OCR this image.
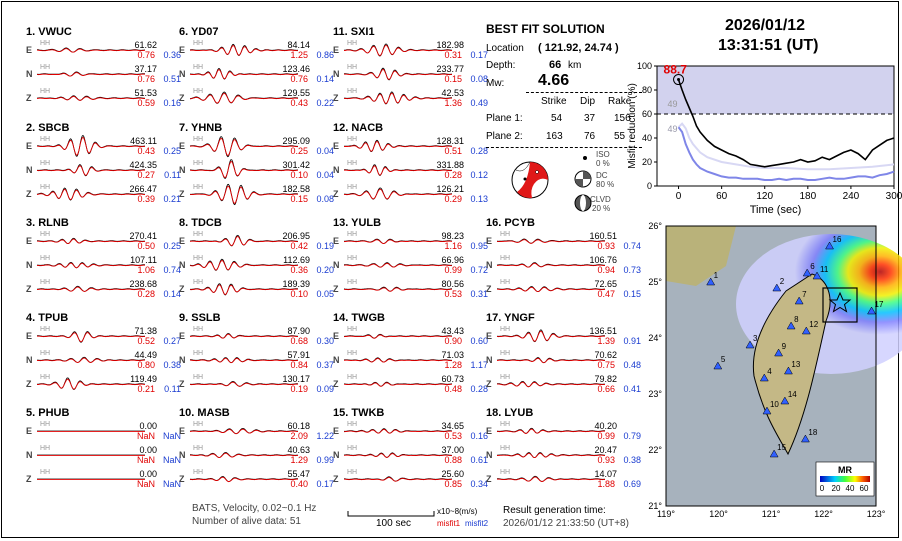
1. VWUC
E
HH	61.62
0.76 0.36
N
HH	37.17
0.76 0.51
Z
HH	51.53
0.59 0.16
2. SBCB
E
HH	463.11
0.43 0.25
N
HH	424.35
0.27	0.11
Z
HH	266.47
0.39 0.21
3. RLNB
E
HH	270.41
0.50 0.25
N
HH	107.11
1.06 0.74
Z
HH	238.68
0.28 0.14
4. TPUB
E
HH	71.38
0.52 0.27
N
HH	44.49
0.80 0.38
Z
HH	119.49
0.21	0.11
5. PHUB
E
HH	0.00
NaN NaN
N
HH	0.00
NaN NaN
Z
HH	0.00
NaN NaN
6. YD07
E
HH	84.14
1.25 0.86
N
HH	123.46
0.76 0.14
Z
HH	129.55
0.43 0.22
7. YHNB
E
HH	295.09
0.25 0.04
N
HH	301.42
0.10 0.04
Z
HH	182.58
0.15 0.08
8. TDCB
E
HH	206.95
0.42 0.19
N
HH	112.69
0.36 0.20
Z
HH	189.39
0.10 0.05
9. SSLB
E
HH	87.90
0.68 0.30
N
HH	57.91
0.84 0.37
Z
HH	130.17
0.19 0.09
10. MASB
E
HH	60.18
2.09 1.22
N
HH	40.63
1.29 0.99
Z
HH	55.47
0.40 0.17
11. SXI1
E
HH	182.98
0.31 0.17
N
HH	233.77
0.15 0.08
Z
HH	42.53
1.36 0.49
12. NACB
E
HH	128.31
0.51 0.28
N
HH	331.88
0.28 0.12
Z
HH	126.21
0.29 0.13
13. YULB
E
HH	98.23
1.16 0.95
N
HH	66.96
0.99 0.72
Z
HH	80.56
0.53 0.31
14. TWGB
E
HH	43.43
0.90 0.60
N
HH	71.03
1.28 1.17
Z
HH	60.73
0.48 0.28
15. TWKB
E
HH	34.65
0.53 0.16
N
HH	37.00
0.88 0.61
Z
HH	25.60
0.85 0.34
16. PCYB
E
HH	160.51
0.93 0.74
N
HH	106.76
0.94 0.73
Z
HH	72.65
0.47 0.15
17. YNGF
E
HH	136.51
1.39 0.91
N
HH	70.62
0.75 0.48
Z
HH	79.82
0.66 0.41
18. LYUB
E
HH	40.20
0.99 0.79
N
HH	20.47
0.93 0.38
Z
HH	14.07
1.88 0.69
BEST FIT SOLUTION
Location ( 121.92, 24.74 )
Depth:	66 km
Mw: 4.66
Strike Dip Rake
Plane 1:	54 37 156
Plane 2: 163 76 55
ISO
0 %
DC
80 %
CLVD
20 %
2026/01/12
13:31:51 (UT)
0	60	120	180	240	300
0
20
40
60
80
100
Time (sec)
Misfit reduction (%)
88.7
49
49
1
2
3
4
5
6
7
8
9
10
11
12
13
14
15
16
17
18
119°	120°	121°	122°	123°
26°
25°
24°
23°
22°
21°
MR
0 20 40 60
BATS, Velocity, 0.02~0.1 Hz
Number of alive data: 51	100 sec
x10~8(m/s)
misfit1 misfit2
Result generation time:
2026/01/12 21:33:50 (UT+8)
